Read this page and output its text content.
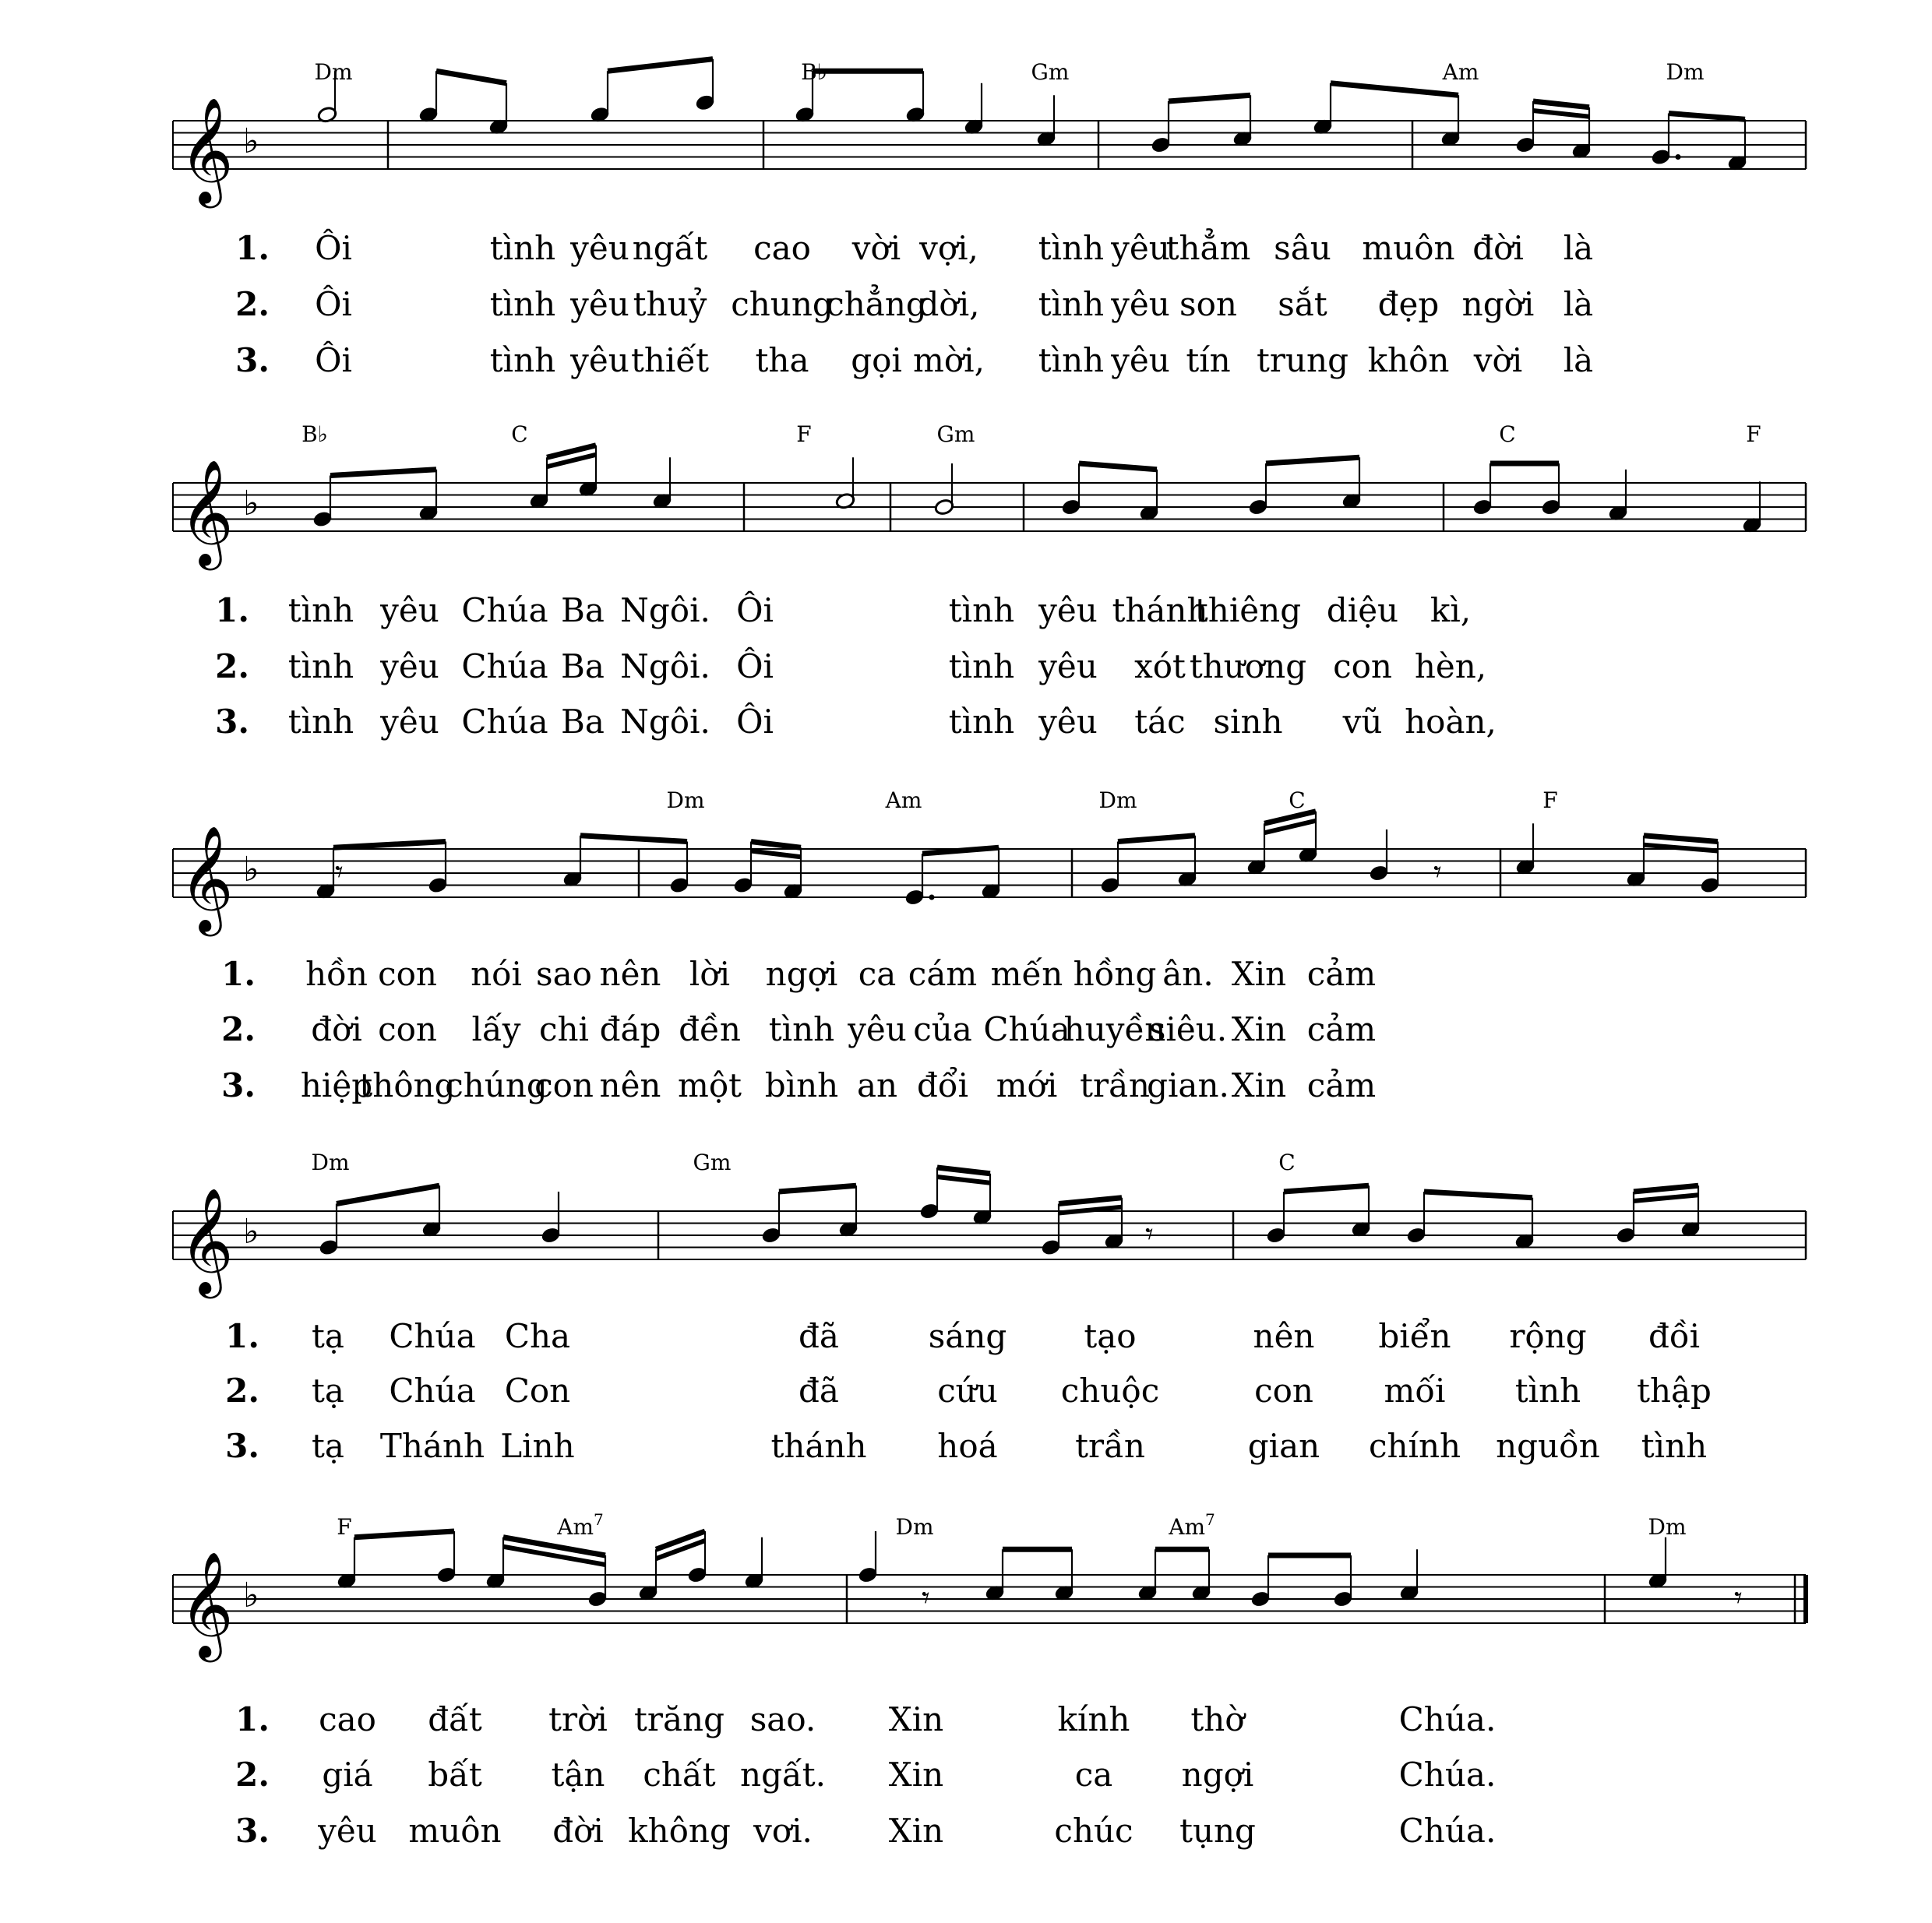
𝄞 ♭
𝄞 ♭
𝄞 ♭
𝄞 ♭
𝄞 ♭
𝄾
𝄾	𝄾
𝄾	𝄾
Dm	B♭	Gm	Am	Dm
B♭	C	F	Gm	C	F
Dm	Am	Dm	C	F
Dm	Gm	C
F	Am$^7$	Dm	Am$^7$	Dm
1. Ôi	tình yêu ngất cao vời vợi, tình yêu
thẳm sâu muôn đời là
2. Ôi	tình yêu thuỷ chung
chẳng
dời, tình yêu son sắt đẹp ngời là
3. Ôi	tình yêu thiết tha gọi mời, tình yêu tín trung khôn vời là
1. tình yêu Chúa Ba Ngôi. Ôi	tình yêu thánh
thiêng diệu kì,
2. tình yêu Chúa Ba Ngôi. Ôi	tình yêu xót thương con hèn,
3. tình yêu Chúa Ba Ngôi. Ôi	tình yêu tác sinh vũ hoàn,
1. hồn con nói sao nên lời ngợi ca cám mến hồng ân. Xin cảm
2. đời con lấy chi đáp đền tình yêu của Chúa
huyền
siêu. Xin cảm
3. hiệp
thông
chúng
con nên một bình an đổi mới trần
gian. Xin cảm
1. tạ Chúa Cha	đã	sáng tạo	nên biển rộng đồi
2. tạ Chúa Con	đã	cứu chuộc	con mối tình thập
3. tạ Thánh Linh	thánh hoá trần	gian chính nguồn tình
1. cao đất trời trăng sao. Xin	kính thờ	Chúa.
2. giá bất tận chất ngất. Xin	ca ngợi	Chúa.
3. yêu muôn đời không vơi. Xin	chúc tụng	Chúa.
